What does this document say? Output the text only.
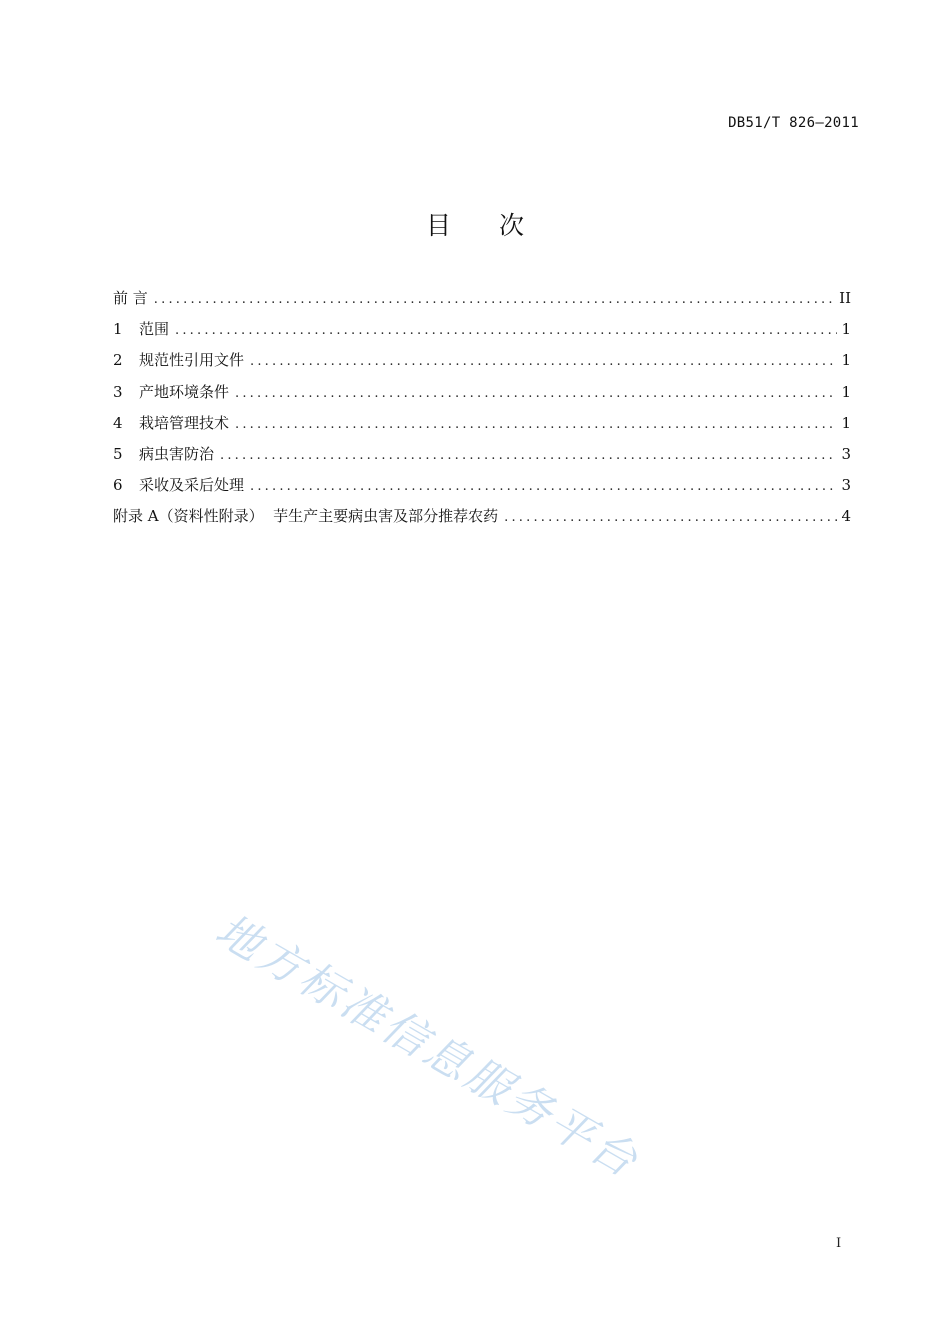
DB51/T 826—2011
目次
前 言 .....	II
1	范围 .....	1
2	规范性引用文件 .....	1
3	产地环境条件 .....	1
4	栽培管理技术 .....	1
5	病虫害防治 .....	3
6	采收及采后处理 .....	3
附录 A（资料性附录）  芋生产主要病虫害及部分推荐农药 .....	4
地方标准信息服务平台
I
